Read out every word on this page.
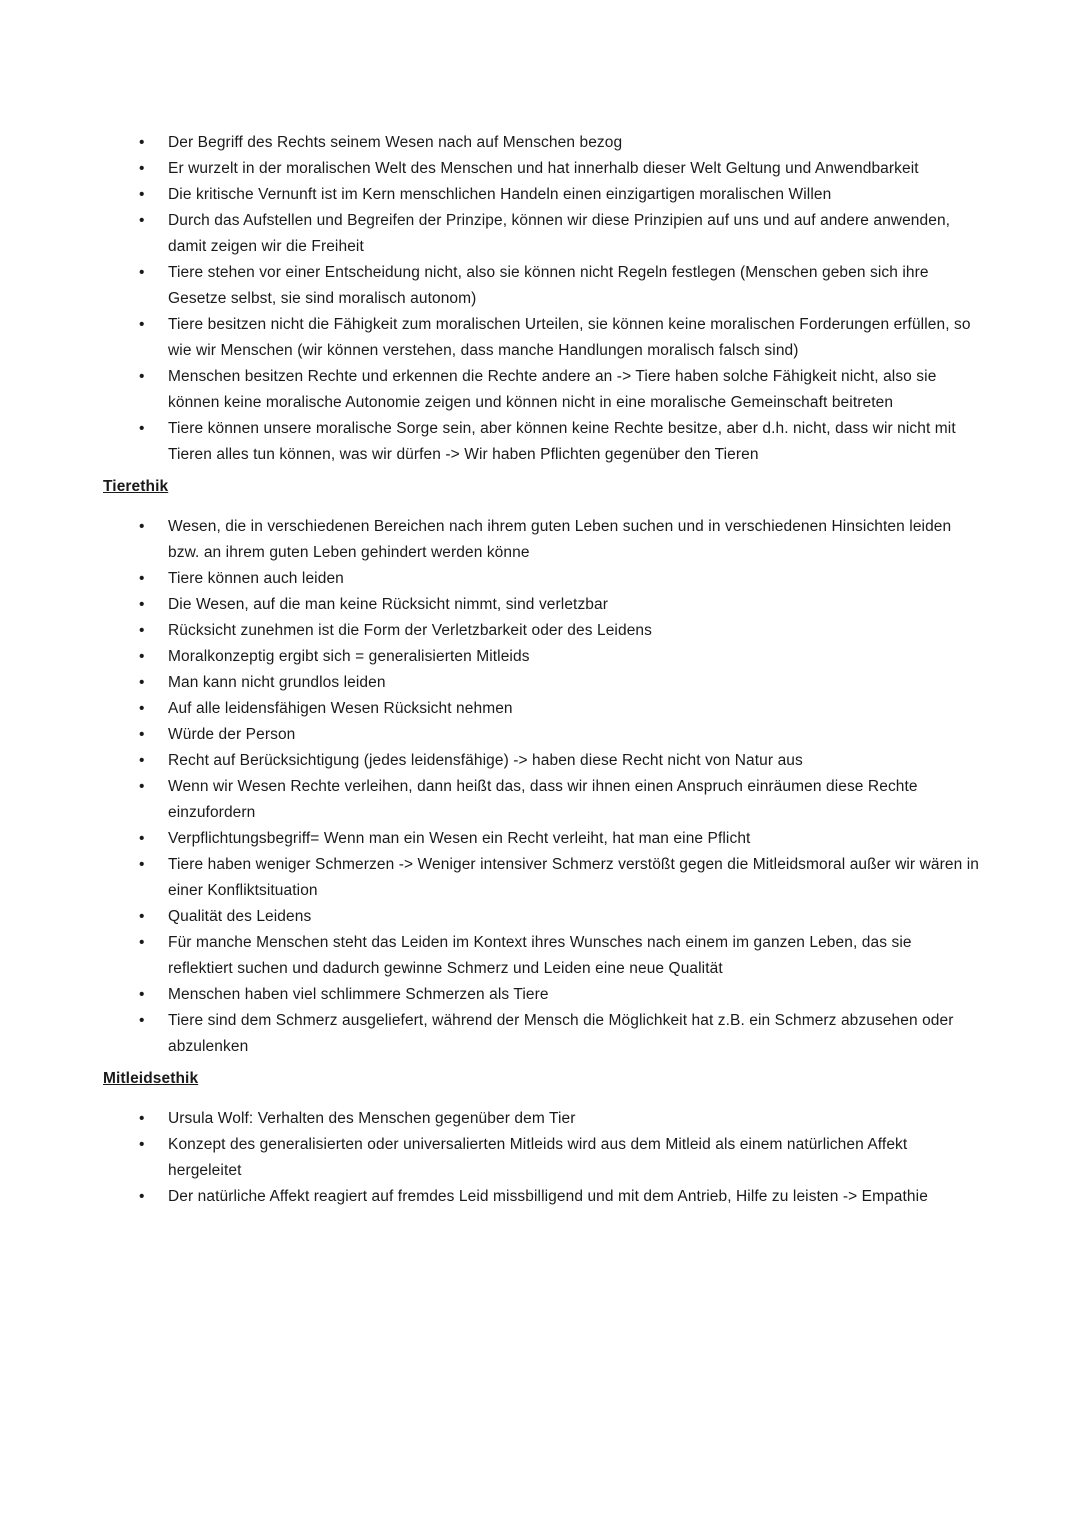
• Der Begriff des Rechts seinem Wesen nach auf Menschen bezog
• Er wurzelt in der moralischen Welt des Menschen und hat innerhalb dieser Welt Geltung und Anwendbarkeit
• Die kritische Vernunft ist im Kern menschlichen Handeln einen einzigartigen moralischen Willen
• Durch das Aufstellen und Begreifen der Prinzipe, können wir diese Prinzipien auf uns und auf andere anwenden, damit zeigen wir die Freiheit
• Tiere stehen vor einer Entscheidung nicht, also sie können nicht Regeln festlegen (Menschen geben sich ihre Gesetze selbst, sie sind moralisch autonom)
• Tiere besitzen nicht die Fähigkeit zum moralischen Urteilen, sie können keine moralischen Forderungen erfüllen, so wie wir Menschen (wir können verstehen, dass manche Handlungen moralisch falsch sind)
• Menschen besitzen Rechte und erkennen die Rechte andere an -> Tiere haben solche Fähigkeit nicht, also sie können keine moralische Autonomie zeigen und können nicht in eine moralische Gemeinschaft beitreten
• Tiere können unsere moralische Sorge sein, aber können keine Rechte besitze, aber d.h. nicht, dass wir nicht mit Tieren alles tun können, was wir dürfen -> Wir haben Pflichten gegenüber den Tieren
Tierethik
• Wesen, die in verschiedenen Bereichen nach ihrem guten Leben suchen und in verschiedenen Hinsichten leiden bzw. an ihrem guten Leben gehindert werden könne
• Tiere können auch leiden
• Die Wesen, auf die man keine Rücksicht nimmt, sind verletzbar
• Rücksicht zunehmen ist die Form der Verletzbarkeit oder des Leidens
• Moralkonzeptig ergibt sich = generalisierten Mitleids
• Man kann nicht grundlos leiden
• Auf alle leidensfähigen Wesen Rücksicht nehmen
• Würde der Person
• Recht auf Berücksichtigung (jedes leidensfähige) -> haben diese Recht nicht von Natur aus
• Wenn wir Wesen Rechte verleihen, dann heißt das, dass wir ihnen einen Anspruch einräumen diese Rechte einzufordern
• Verpflichtungsbegriff= Wenn man ein Wesen ein Recht verleiht, hat man eine Pflicht
• Tiere haben weniger Schmerzen -> Weniger intensiver Schmerz verstößt gegen die Mitleidsmoral außer wir wären in einer Konfliktsituation
• Qualität des Leidens
• Für manche Menschen steht das Leiden im Kontext ihres Wunsches nach einem im ganzen Leben, das sie reflektiert suchen und dadurch gewinne Schmerz und Leiden eine neue Qualität
• Menschen haben viel schlimmere Schmerzen als Tiere
• Tiere sind dem Schmerz ausgeliefert, während der Mensch die Möglichkeit hat z.B. ein Schmerz abzusehen oder abzulenken
Mitleidsethik
• Ursula Wolf: Verhalten des Menschen gegenüber dem Tier
• Konzept des generalisierten oder universalierten Mitleids wird aus dem Mitleid als einem natürlichen Affekt hergeleitet
• Der natürliche Affekt reagiert auf fremdes Leid missbilligend und mit dem Antrieb, Hilfe zu leisten -> Empathie
